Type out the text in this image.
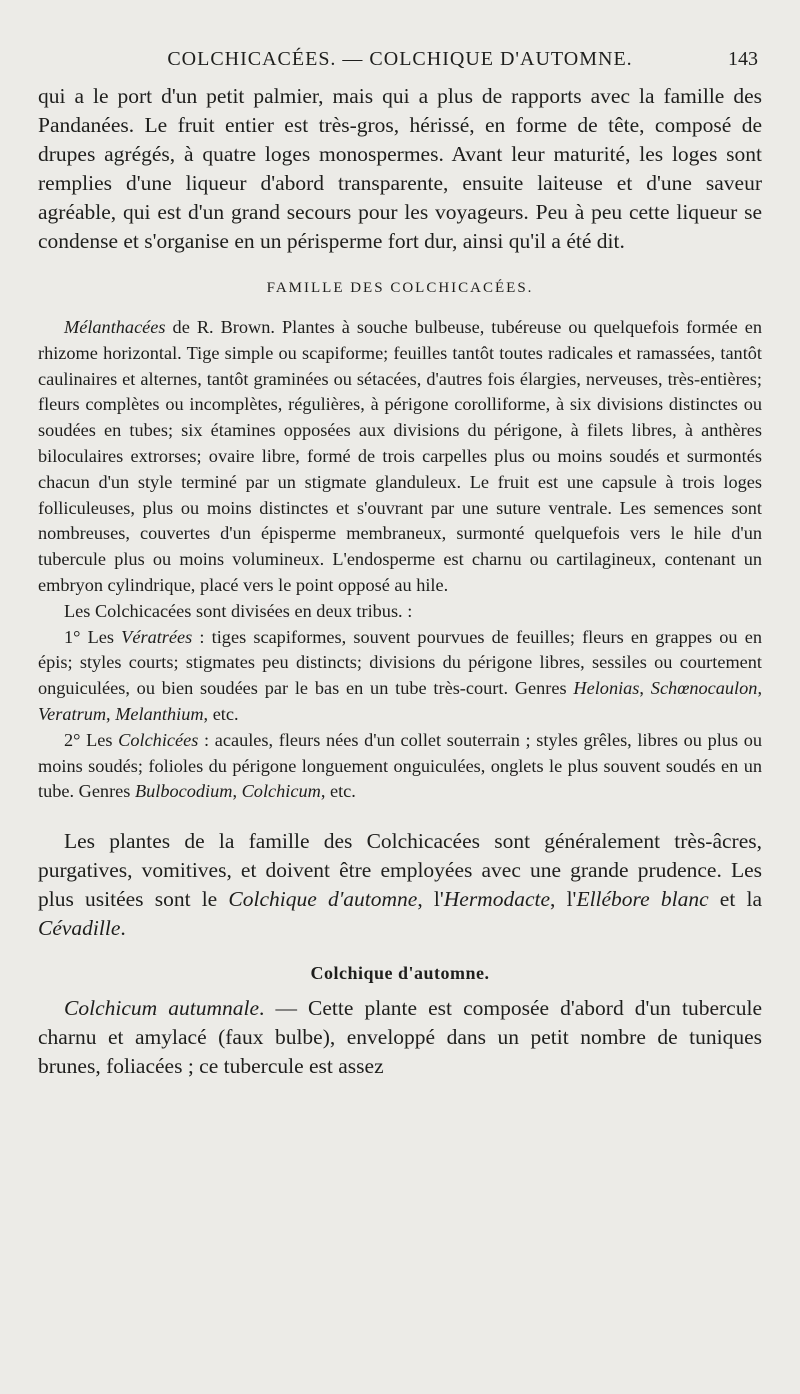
COLCHICACÉES. — COLCHIQUE D'AUTOMNE.	143

qui a le port d'un petit palmier, mais qui a plus de rapports avec la famille des Pandanées. Le fruit entier est très-gros, hérissé, en forme de tête, composé de drupes agrégés, à quatre loges monospermes. Avant leur maturité, les loges sont remplies d'une liqueur d'abord transparente, ensuite laiteuse et d'une saveur agréable, qui est d'un grand secours pour les voyageurs. Peu à peu cette liqueur se condense et s'organise en un périsperme fort dur, ainsi qu'il a été dit.

FAMILLE DES COLCHICACÉES.

Mélanthacées de R. Brown. Plantes à souche bulbeuse, tubéreuse ou quelquefois formée en rhizome horizontal. Tige simple ou scapiforme; feuilles tantôt toutes radicales et ramassées, tantôt caulinaires et alternes, tantôt graminées ou sétacées, d'autres fois élargies, nerveuses, très-entières; fleurs complètes ou incomplètes, régulières, à périgone corolliforme, à six divisions distinctes ou soudées en tubes; six étamines opposées aux divisions du périgone, à filets libres, à anthères biloculaires extrorses; ovaire libre, formé de trois carpelles plus ou moins soudés et surmontés chacun d'un style terminé par un stigmate glanduleux. Le fruit est une capsule à trois loges folliculeuses, plus ou moins distinctes et s'ouvrant par une suture ventrale. Les semences sont nombreuses, couvertes d'un épisperme membraneux, surmonté quelquefois vers le hile d'un tubercule plus ou moins volumineux. L'endosperme est charnu ou cartilagineux, contenant un embryon cylindrique, placé vers le point opposé au hile.

Les Colchicacées sont divisées en deux tribus. :

1° Les Vératrées : tiges scapiformes, souvent pourvues de feuilles; fleurs en grappes ou en épis; styles courts; stigmates peu distincts; divisions du périgone libres, sessiles ou courtement onguiculées, ou bien soudées par le bas en un tube très-court. Genres Helonias, Schœnocaulon, Veratrum, Melanthium, etc.

2° Les Colchicées : acaules, fleurs nées d'un collet souterrain ; styles grêles, libres ou plus ou moins soudés; folioles du périgone longuement onguiculées, onglets le plus souvent soudés en un tube. Genres Bulbocodium, Colchicum, etc.

Les plantes de la famille des Colchicacées sont généralement très-âcres, purgatives, vomitives, et doivent être employées avec une grande prudence. Les plus usitées sont le Colchique d'automne, l'Hermodacte, l'Ellébore blanc et la Cévadille.

Colchique d'automne.

Colchicum autumnale. — Cette plante est composée d'abord d'un tubercule charnu et amylacé (faux bulbe), enveloppé dans un petit nombre de tuniques brunes, foliacées ; ce tubercule est assez
